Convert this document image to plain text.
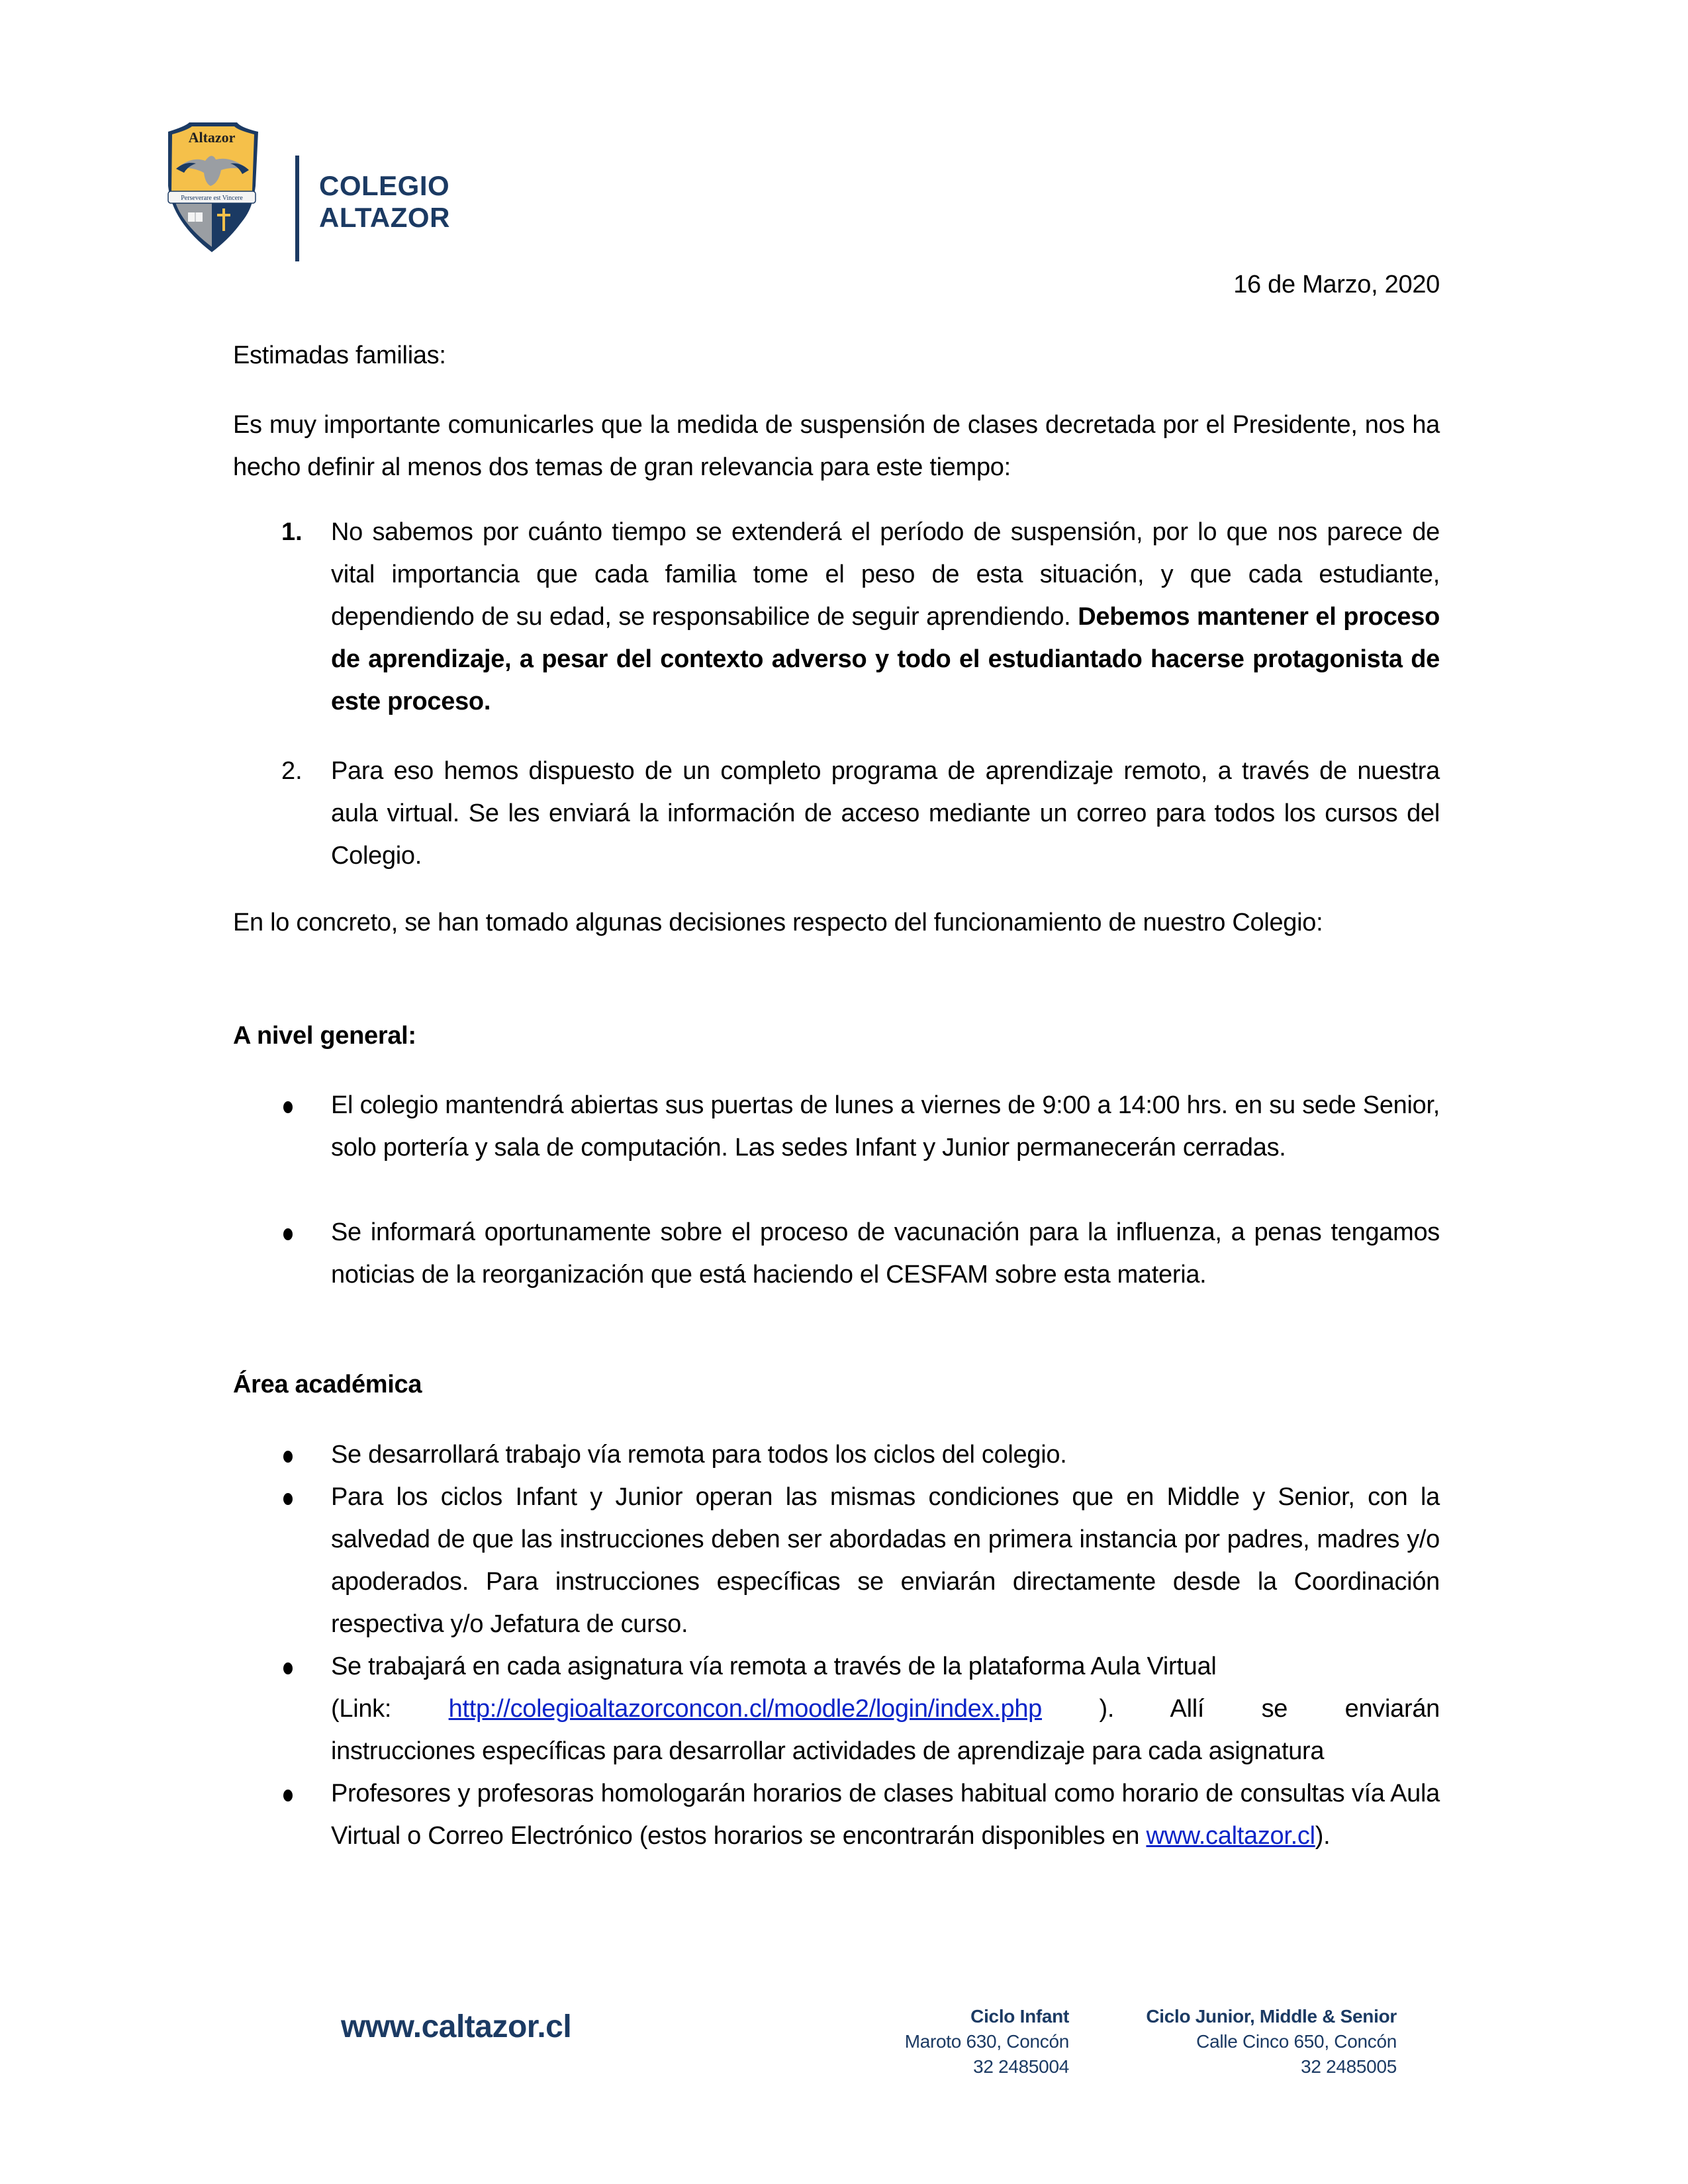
Altazor
Perseverare est Vincere	COLEGIO
ALTAZOR
16 de Marzo, 2020
Estimadas familias:
Es muy importante comunicarles que la medida de suspensión de clases decretada por el Presidente, nos ha hecho definir al menos dos temas de gran relevancia para este tiempo:
1. No sabemos por cuánto tiempo se extenderá el período de suspensión, por lo que nos parece de vital importancia que cada familia tome el peso de esta situación, y que cada estudiante, dependiendo de su edad, se responsabilice de seguir aprendiendo. Debemos mantener el proceso de aprendizaje, a pesar del contexto adverso y todo el estudiantado hacerse protagonista de este proceso.
2. Para eso hemos dispuesto de un completo programa de aprendizaje remoto, a través de nuestra aula virtual. Se les enviará la información de acceso mediante un correo para todos los cursos del Colegio.
En lo concreto, se han tomado algunas decisiones respecto del funcionamiento de nuestro Colegio:
A nivel general:
El colegio mantendrá abiertas sus puertas de lunes a viernes de 9:00 a 14:00 hrs. en su sede Senior, solo portería y sala de computación. Las sedes Infant y Junior permanecerán cerradas.
Se informará oportunamente sobre el proceso de vacunación para la influenza, a penas tengamos noticias de la reorganización que está haciendo el CESFAM sobre esta materia.
Área académica
Se desarrollará trabajo vía remota para todos los ciclos del colegio.
Para los ciclos Infant y Junior operan las mismas condiciones que en Middle y Senior, con la salvedad de que las instrucciones deben ser abordadas en primera instancia por padres, madres y/o apoderados. Para instrucciones específicas se enviarán directamente desde la Coordinación respectiva y/o Jefatura de curso.
Se trabajará en cada asignatura vía remota a través de la plataforma Aula Virtual
(Link: http://colegioaltazorconcon.cl/moodle2/login/index.php ). Allí se enviarán
instrucciones específicas para desarrollar actividades de aprendizaje para cada asignatura
Profesores y profesoras homologarán horarios de clases habitual como horario de consultas vía Aula Virtual o Correo Electrónico (estos horarios se encontrarán disponibles en www.caltazor.cl).
www.caltazor.cl	Ciclo Infant
Maroto 630, Concón
32 2485004
Ciclo Junior, Middle & Senior
Calle Cinco 650, Concón
32 2485005
